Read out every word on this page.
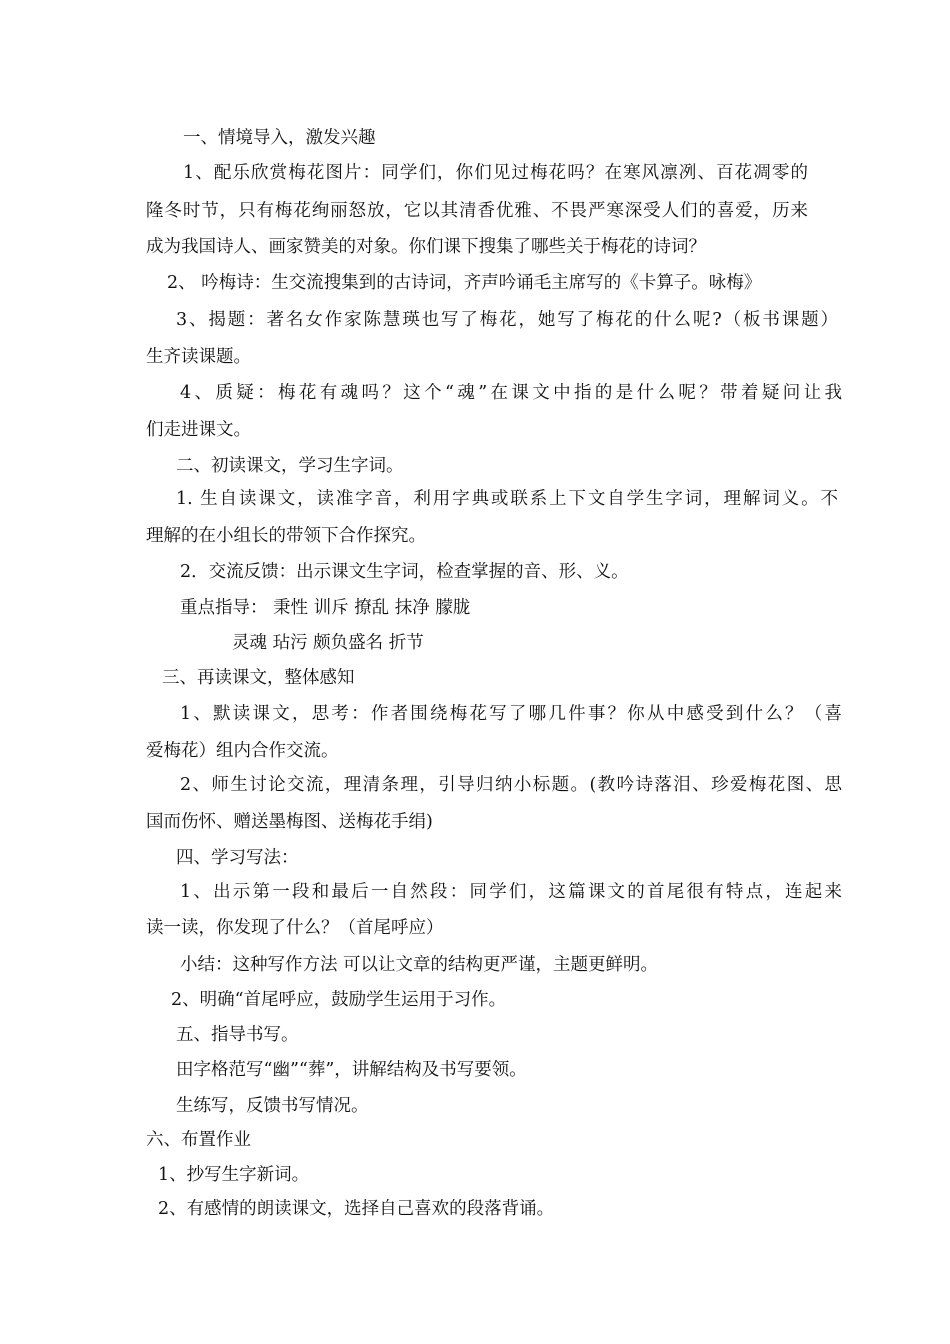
一、情境导入，激发兴趣
1、配乐欣赏梅花图片：同学们，你们见过梅花吗？在寒风凛冽、百花凋零的
隆冬时节，只有梅花绚丽怒放，它以其清香优雅、不畏严寒深受人们的喜爱，历来
成为我国诗人、画家赞美的对象。你们课下搜集了哪些关于梅花的诗词？
2、 吟梅诗：生交流搜集到的古诗词，齐声吟诵毛主席写的《卡算子。咏梅》
3、揭题：著名女作家陈慧瑛也写了梅花，她写了梅花的什么呢?（板书课题）
生齐读课题。
4、质疑：梅花有魂吗？这个“魂”在课文中指的是什么呢？带着疑问让我
们走进课文。
二、初读课文，学习生字词。
1. 生自读课文，读准字音，利用字典或联系上下文自学生字词，理解词义。不
理解的在小组长的带领下合作探究。
2．交流反馈：出示课文生字词，检查掌握的音、形、义。
重点指导： 秉性 训斥 撩乱 抹净 朦胧
灵魂 玷污 颇负盛名 折节
三、再读课文，整体感知
1、默读课文，思考：作者围绕梅花写了哪几件事？你从中感受到什么？（喜
爱梅花）组内合作交流。
2、师生讨论交流，理清条理，引导归纳小标题。(教吟诗落泪、珍爱梅花图、思
国而伤怀、赠送墨梅图、送梅花手绢)
四、学习写法：
1、出示第一段和最后一自然段：同学们，这篇课文的首尾很有特点，连起来
读一读，你发现了什么？（首尾呼应）
小结：这种写作方法 可以让文章的结构更严谨，主题更鲜明。
2、明确“首尾呼应，鼓励学生运用于习作。
五、指导书写。
田字格范写“幽”“葬”，讲解结构及书写要领。
生练写，反馈书写情况。
六、布置作业
1、抄写生字新词。
2、有感情的朗读课文，选择自己喜欢的段落背诵。
